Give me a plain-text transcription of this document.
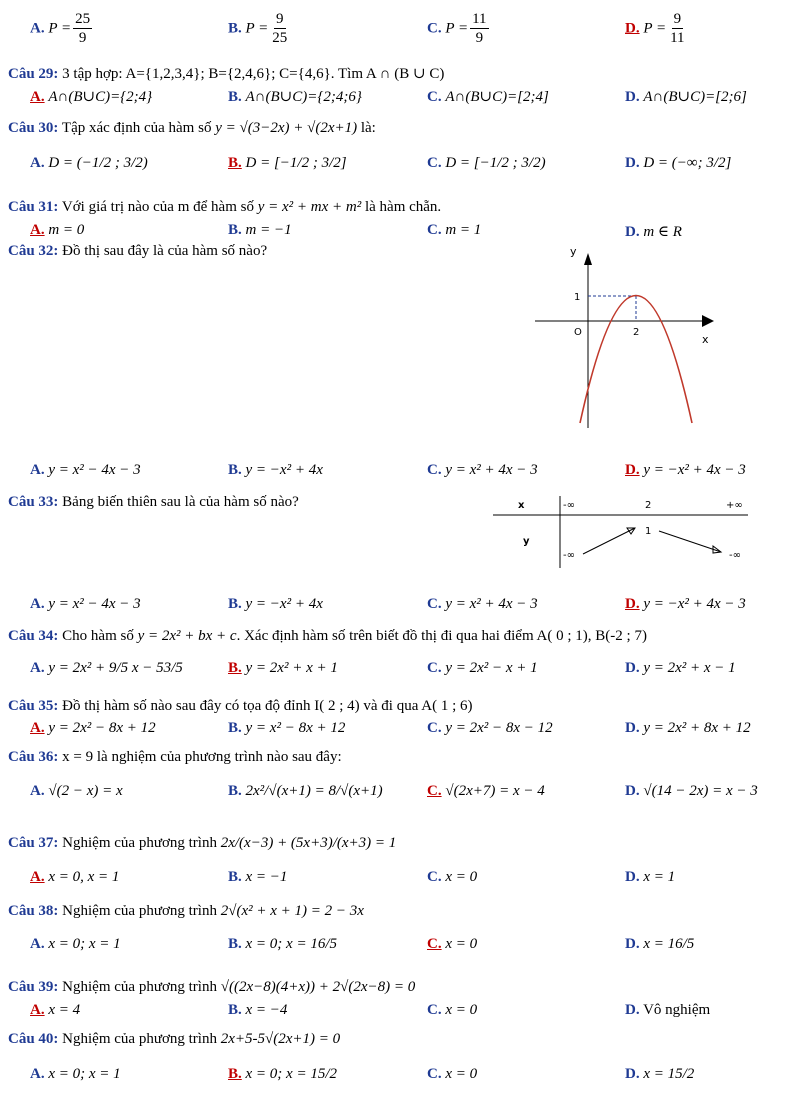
A. $P = \frac{25}{9}$	B. $P = \frac{9}{25}$	C. $P = \frac{11}{9}$	D. $P = \frac{9}{11}$
Câu 29: 3 tập hợp: A={1,2,3,4}; B={2,4,6}; C={4,6}. Tìm A ∩ (B ∪ C)
A. A∩(B∪C)={2;4}	B. A∩(B∪C)={2;4;6}	C. A∩(B∪C)=[2;4]	D. A∩(B∪C)=[2;6]
Câu 30: Tập xác định của hàm số y = √(3−2x) + √(2x+1) là:
A. D = (−1/2 ; 3/2)	B. D = [−1/2 ; 3/2]	C. D = [−1/2 ; 3/2)	D. D = (−∞; 3/2]
Câu 31: Với giá trị nào của m để hàm số y = x² + mx + m² là hàm chẵn.
A. m = 0	B. m = −1	C. m = 1	D. m ∈ R
Câu 32: Đồ thị sau đây là của hàm số nào?	y
x
O
1
2
A. y = x² − 4x − 3	B. y = −x² + 4x	C. y = x² + 4x − 3	D. y = −x² + 4x − 3
Câu 33: Bảng biến thiên sau là của hàm số nào?	x
y
-∞	2	+∞
1
-∞	-∞
A. y = x² − 4x − 3	B. y = −x² + 4x	C. y = x² + 4x − 3	D. y = −x² + 4x − 3
Câu 34: Cho hàm số y = 2x² + bx + c. Xác định hàm số trên biết đồ thị đi qua hai điểm A( 0 ; 1), B(-2 ; 7)
A. y = 2x² + 9/5 x − 53/5	B. y = 2x² + x + 1	C. y = 2x² − x + 1	D. y = 2x² + x − 1
Câu 35: Đồ thị hàm số nào sau đây có tọa độ đỉnh I( 2 ; 4) và đi qua A( 1 ; 6)
A. y = 2x² − 8x + 12	B. y = x² − 8x + 12	C. y = 2x² − 8x − 12	D. y = 2x² + 8x + 12
Câu 36: x = 9 là nghiệm của phương trình nào sau đây:
A. √(2 − x) = x	B. 2x²/√(x+1) = 8/√(x+1)	C. √(2x+7) = x − 4	D. √(14 − 2x) = x − 3
Câu 37: Nghiệm của phương trình 2x/(x−3) + (5x+3)/(x+3) = 1
A. x = 0, x = 1	B. x = −1	C. x = 0	D. x = 1
Câu 38: Nghiệm của phương trình 2√(x² + x + 1) = 2 − 3x
A. x = 0; x = 1	B. x = 0; x = 16/5	C. x = 0	D. x = 16/5
Câu 39: Nghiệm của phương trình √((2x−8)(4+x)) + 2√(2x−8) = 0
A. x = 4	B. x = −4	C. x = 0	D. Vô nghiệm
Câu 40: Nghiệm của phương trình 2x+5-5√(2x+1) = 0
A. x = 0; x = 1	B. x = 0; x = 15/2	C. x = 0	D. x = 15/2
